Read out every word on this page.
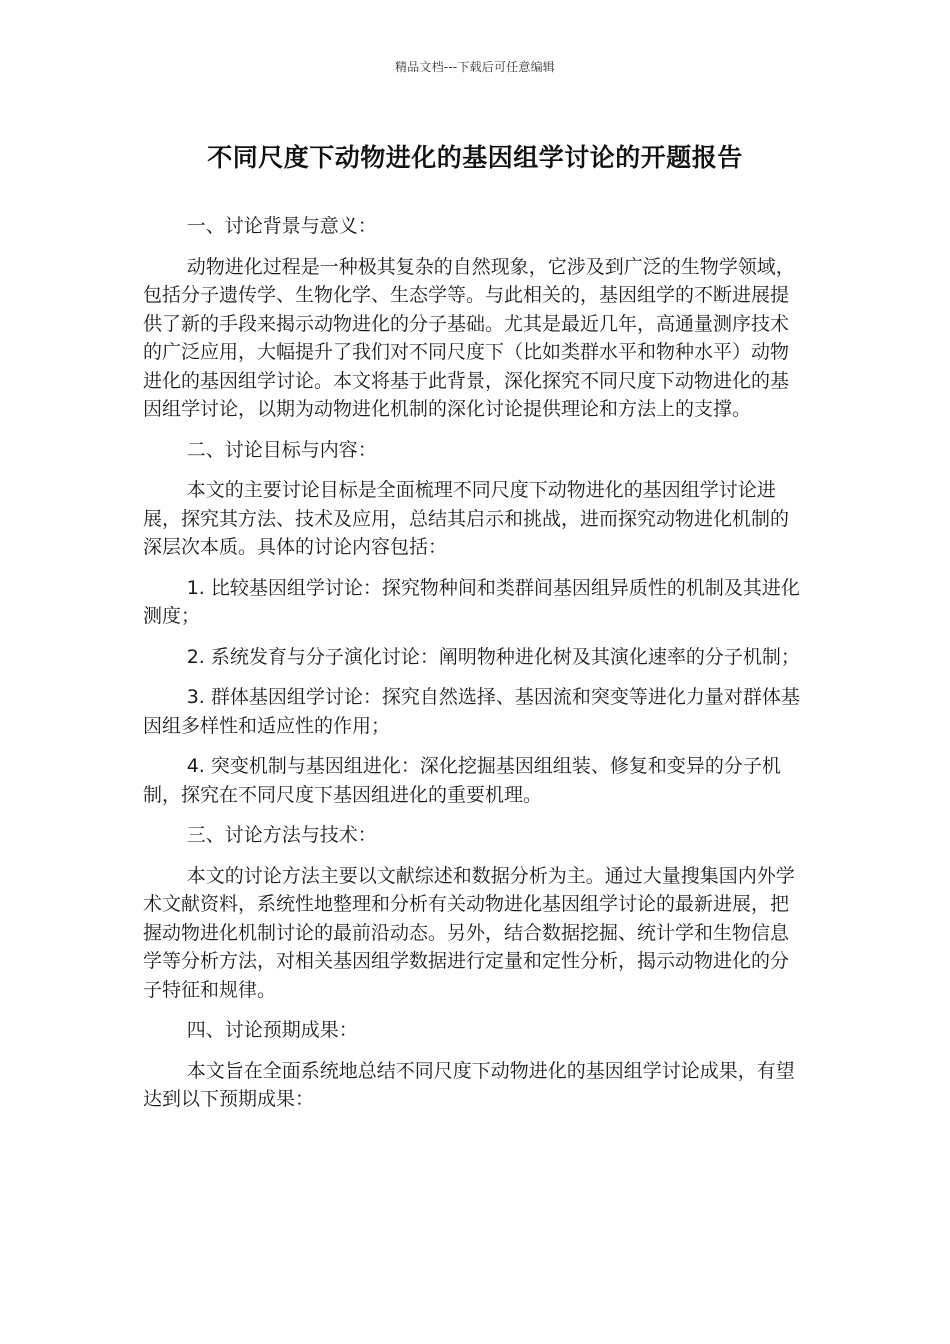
精品文档---下载后可任意编辑
不同尺度下动物进化的基因组学讨论的开题报告

一、讨论背景与意义：

动物进化过程是一种极其复杂的自然现象，它涉及到广泛的生物学领域，包括分子遗传学、生物化学、生态学等。与此相关的，基因组学的不断进展提供了新的手段来揭示动物进化的分子基础。尤其是最近几年，高通量测序技术的广泛应用，大幅提升了我们对不同尺度下（比如类群水平和物种水平）动物进化的基因组学讨论。本文将基于此背景，深化探究不同尺度下动物进化的基因组学讨论，以期为动物进化机制的深化讨论提供理论和方法上的支撑。

二、讨论目标与内容：

本文的主要讨论目标是全面梳理不同尺度下动物进化的基因组学讨论进展，探究其方法、技术及应用，总结其启示和挑战，进而探究动物进化机制的深层次本质。具体的讨论内容包括：

1. 比较基因组学讨论：探究物种间和类群间基因组异质性的机制及其进化测度；

2. 系统发育与分子演化讨论：阐明物种进化树及其演化速率的分子机制；

3. 群体基因组学讨论：探究自然选择、基因流和突变等进化力量对群体基因组多样性和适应性的作用；

4. 突变机制与基因组进化：深化挖掘基因组组装、修复和变异的分子机制，探究在不同尺度下基因组进化的重要机理。

三、讨论方法与技术：

本文的讨论方法主要以文献综述和数据分析为主。通过大量搜集国内外学术文献资料，系统性地整理和分析有关动物进化基因组学讨论的最新进展，把握动物进化机制讨论的最前沿动态。另外，结合数据挖掘、统计学和生物信息学等分析方法，对相关基因组学数据进行定量和定性分析，揭示动物进化的分子特征和规律。

四、讨论预期成果：

本文旨在全面系统地总结不同尺度下动物进化的基因组学讨论成果，有望达到以下预期成果：
